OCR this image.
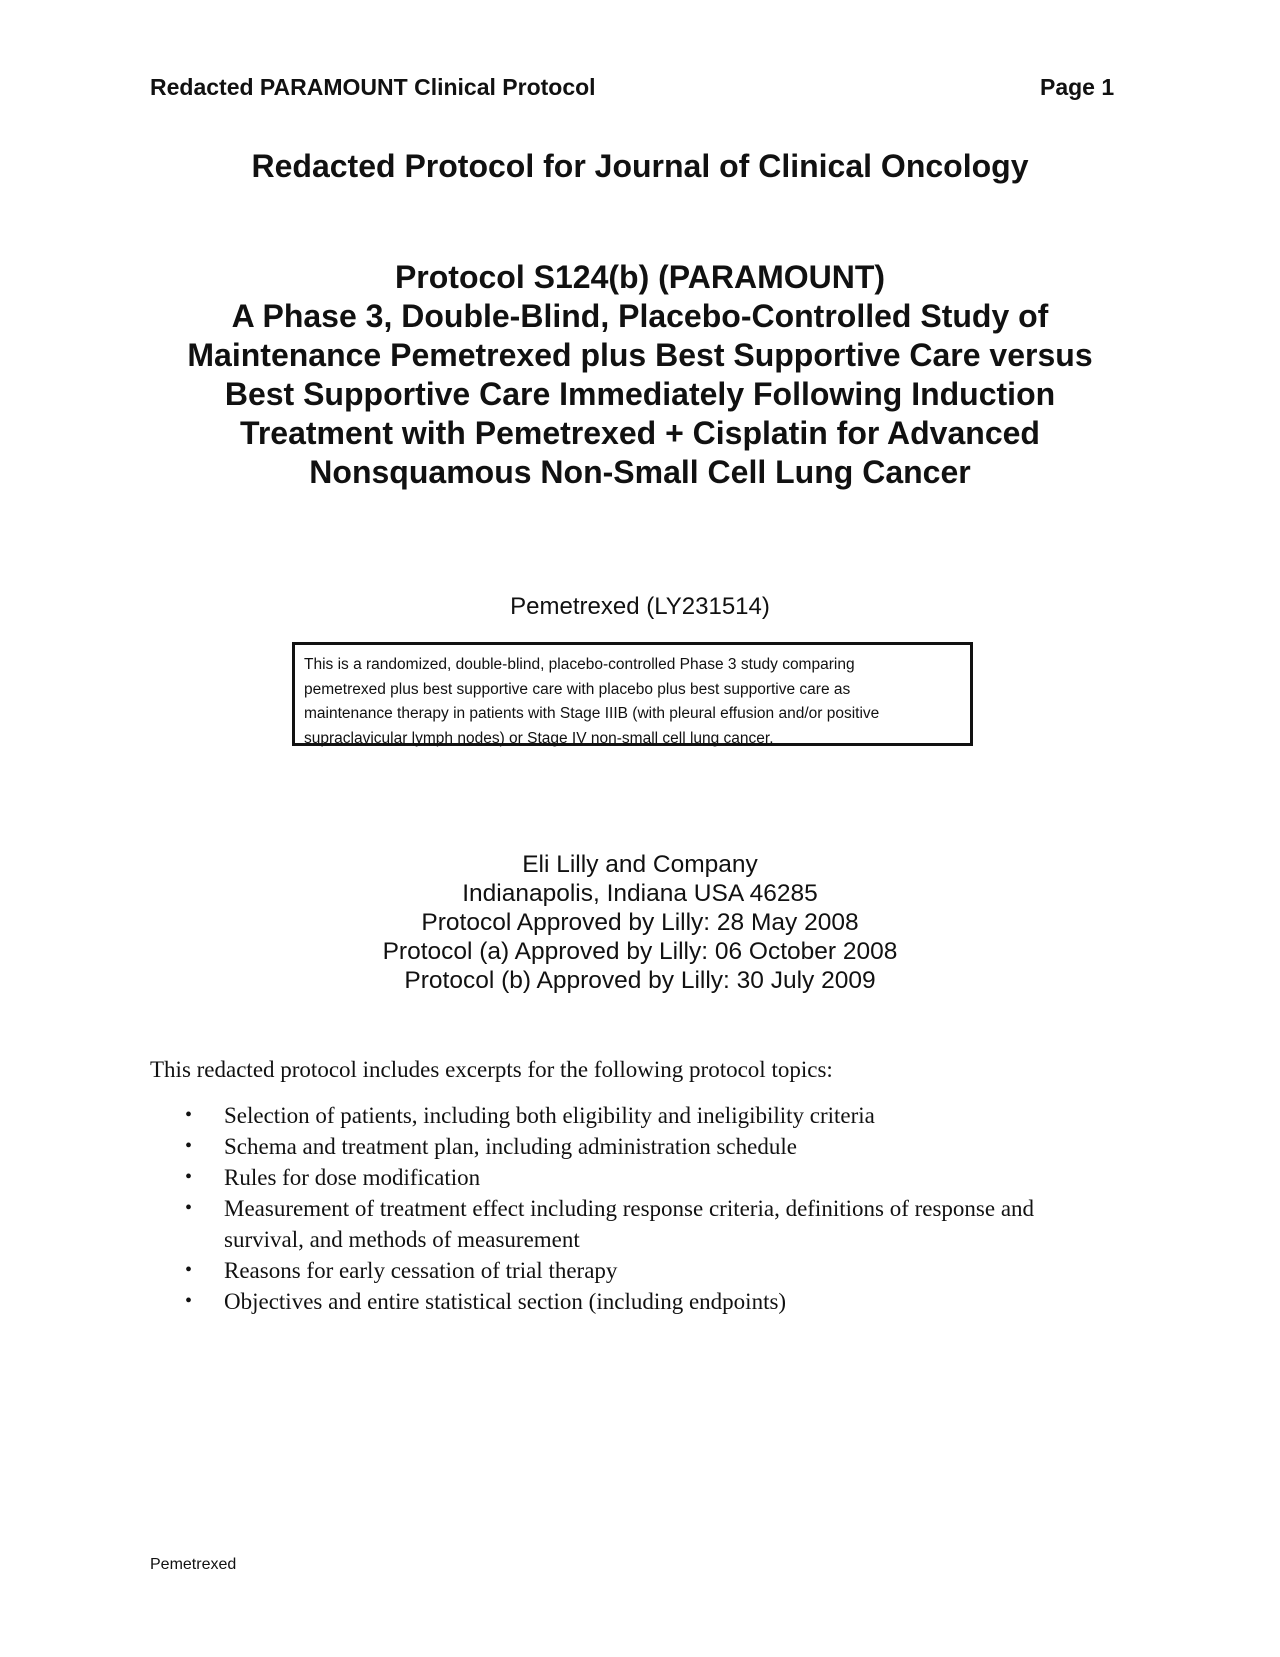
Redacted PARAMOUNT Clinical Protocol	Page 1
Redacted Protocol for Journal of Clinical Oncology
Protocol S124(b) (PARAMOUNT)
A Phase 3, Double-Blind, Placebo-Controlled Study of
Maintenance Pemetrexed plus Best Supportive Care versus
Best Supportive Care Immediately Following Induction
Treatment with Pemetrexed + Cisplatin for Advanced
Nonsquamous Non-Small Cell Lung Cancer
Pemetrexed (LY231514)
This is a randomized, double-blind, placebo-controlled Phase 3 study comparing
pemetrexed plus best supportive care with placebo plus best supportive care as
maintenance therapy in patients with Stage IIIB (with pleural effusion and/or positive
supraclavicular lymph nodes) or Stage IV non-small cell lung cancer.
Eli Lilly and Company
Indianapolis, Indiana USA 46285
Protocol Approved by Lilly: 28 May 2008
Protocol (a) Approved by Lilly: 06 October 2008
Protocol (b) Approved by Lilly: 30 July 2009
This redacted protocol includes excerpts for the following protocol topics:
• Selection of patients, including both eligibility and ineligibility criteria
• Schema and treatment plan, including administration schedule
• Rules for dose modification
• Measurement of treatment effect including response criteria, definitions of response and
survival, and methods of measurement
• Reasons for early cessation of trial therapy
• Objectives and entire statistical section (including endpoints)
Pemetrexed
